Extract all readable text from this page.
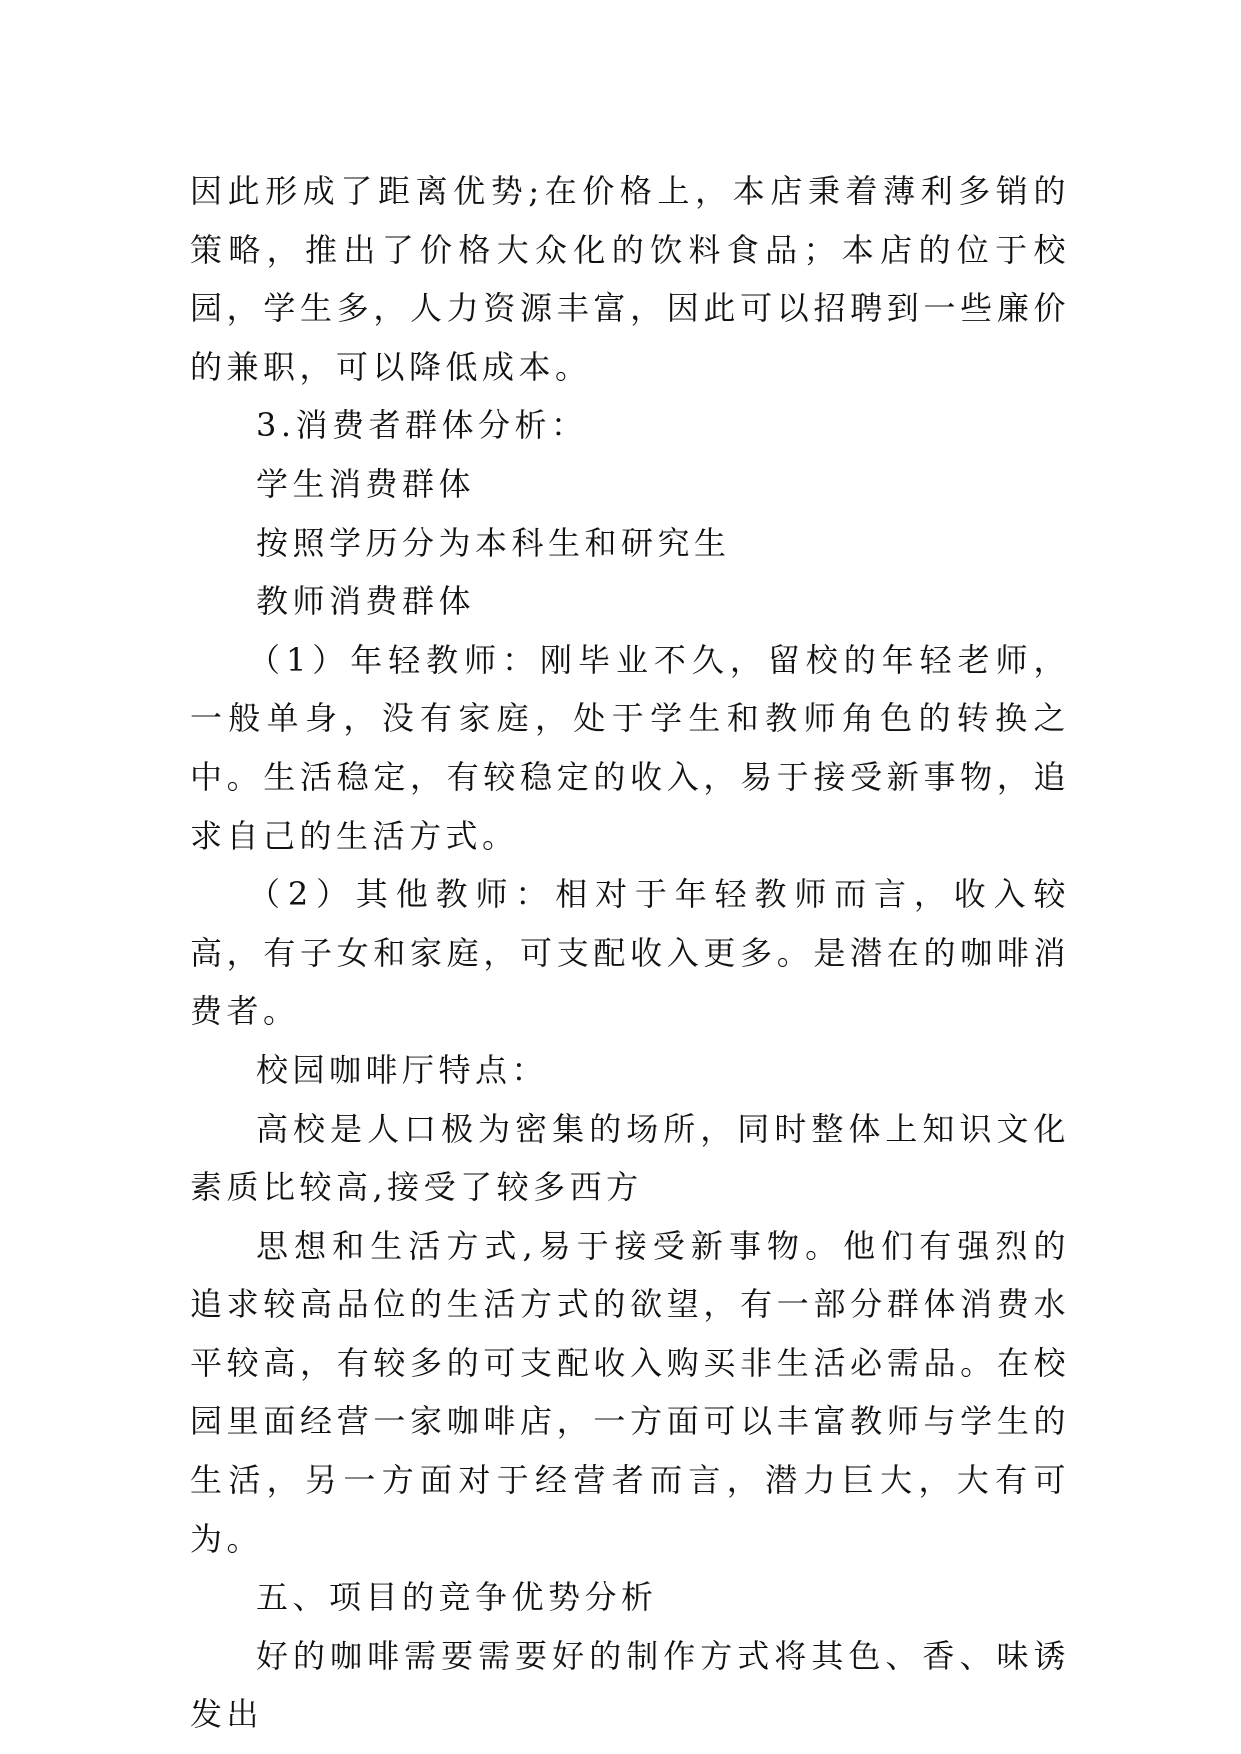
因此形成了距离优势;在价格上，本店秉着薄利多销的策略，推出了价格大众化的饮料食品；本店的位于校园，学生多，人力资源丰富，因此可以招聘到一些廉价的兼职，可以降低成本。

3.消费者群体分析：

学生消费群体

按照学历分为本科生和研究生

教师消费群体

（1）年轻教师：刚毕业不久，留校的年轻老师，一般单身，没有家庭，处于学生和教师角色的转换之中。生活稳定，有较稳定的收入，易于接受新事物，追求自己的生活方式。

（2）其他教师：相对于年轻教师而言，收入较高，有子女和家庭，可支配收入更多。是潜在的咖啡消费者。

校园咖啡厅特点：

高校是人口极为密集的场所，同时整体上知识文化素质比较高,接受了较多西方

思想和生活方式,易于接受新事物。他们有强烈的追求较高品位的生活方式的欲望，有一部分群体消费水平较高，有较多的可支配收入购买非生活必需品。在校园里面经营一家咖啡店，一方面可以丰富教师与学生的生活，另一方面对于经营者而言，潜力巨大，大有可为。

五、项目的竞争优势分析

好的咖啡需要需要好的制作方式将其色、香、味诱发出
